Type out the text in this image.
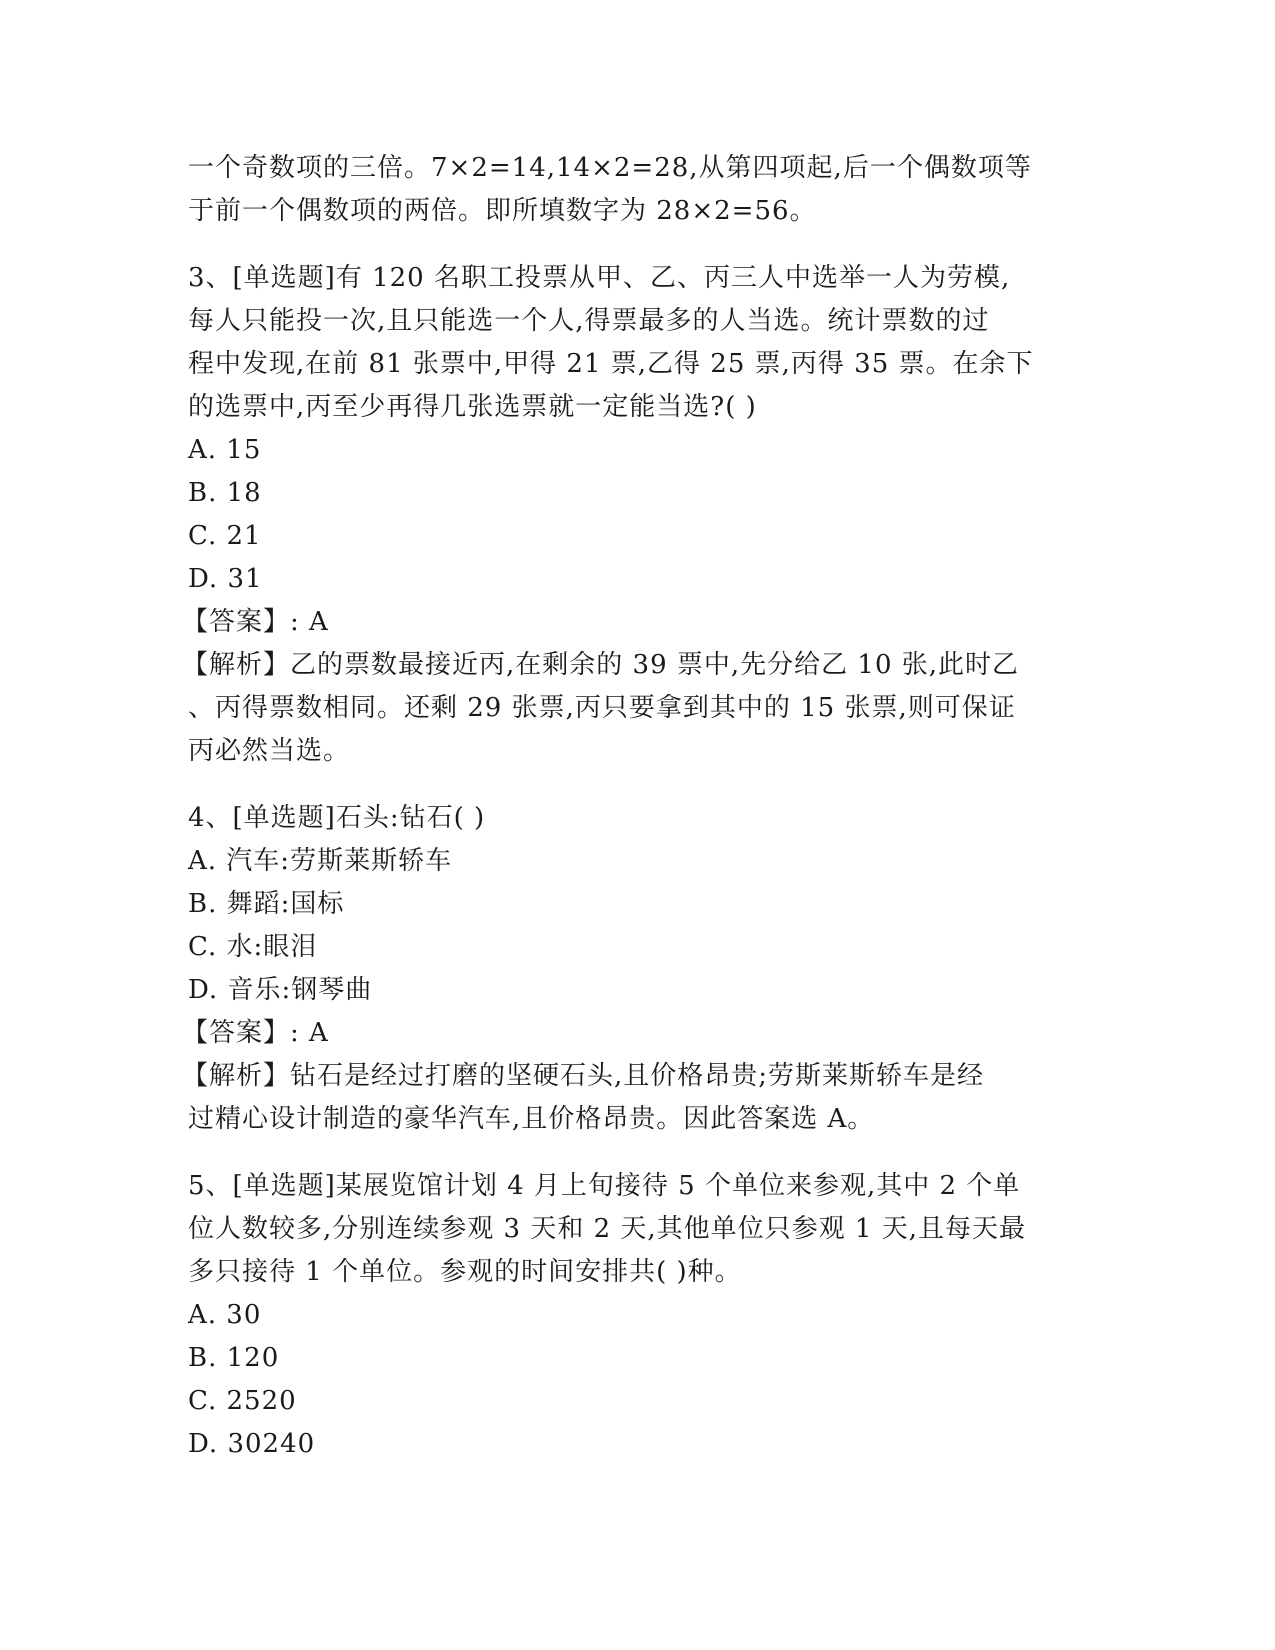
一个奇数项的三倍。7×2=14,14×2=28,从第四项起,后一个偶数项等
于前一个偶数项的两倍。即所填数字为 28×2=56。
3、[单选题]有 120 名职工投票从甲、乙、丙三人中选举一人为劳模,
每人只能投一次,且只能选一个人,得票最多的人当选。统计票数的过
程中发现,在前 81 张票中,甲得 21 票,乙得 25 票,丙得 35 票。在余下
的选票中,丙至少再得几张选票就一定能当选?( )
A. 15
B. 18
C. 21
D. 31
【答案】: A
【解析】乙的票数最接近丙,在剩余的 39 票中,先分给乙 10 张,此时乙
、丙得票数相同。还剩 29 张票,丙只要拿到其中的 15 张票,则可保证
丙必然当选。
4、[单选题]石头:钻石( )
A. 汽车:劳斯莱斯轿车
B. 舞蹈:国标
C. 水:眼泪
D. 音乐:钢琴曲
【答案】: A
【解析】钻石是经过打磨的坚硬石头,且价格昂贵;劳斯莱斯轿车是经
过精心设计制造的豪华汽车,且价格昂贵。因此答案选 A。
5、[单选题]某展览馆计划 4 月上旬接待 5 个单位来参观,其中 2 个单
位人数较多,分别连续参观 3 天和 2 天,其他单位只参观 1 天,且每天最
多只接待 1 个单位。参观的时间安排共( )种。
A. 30
B. 120
C. 2520
D. 30240
